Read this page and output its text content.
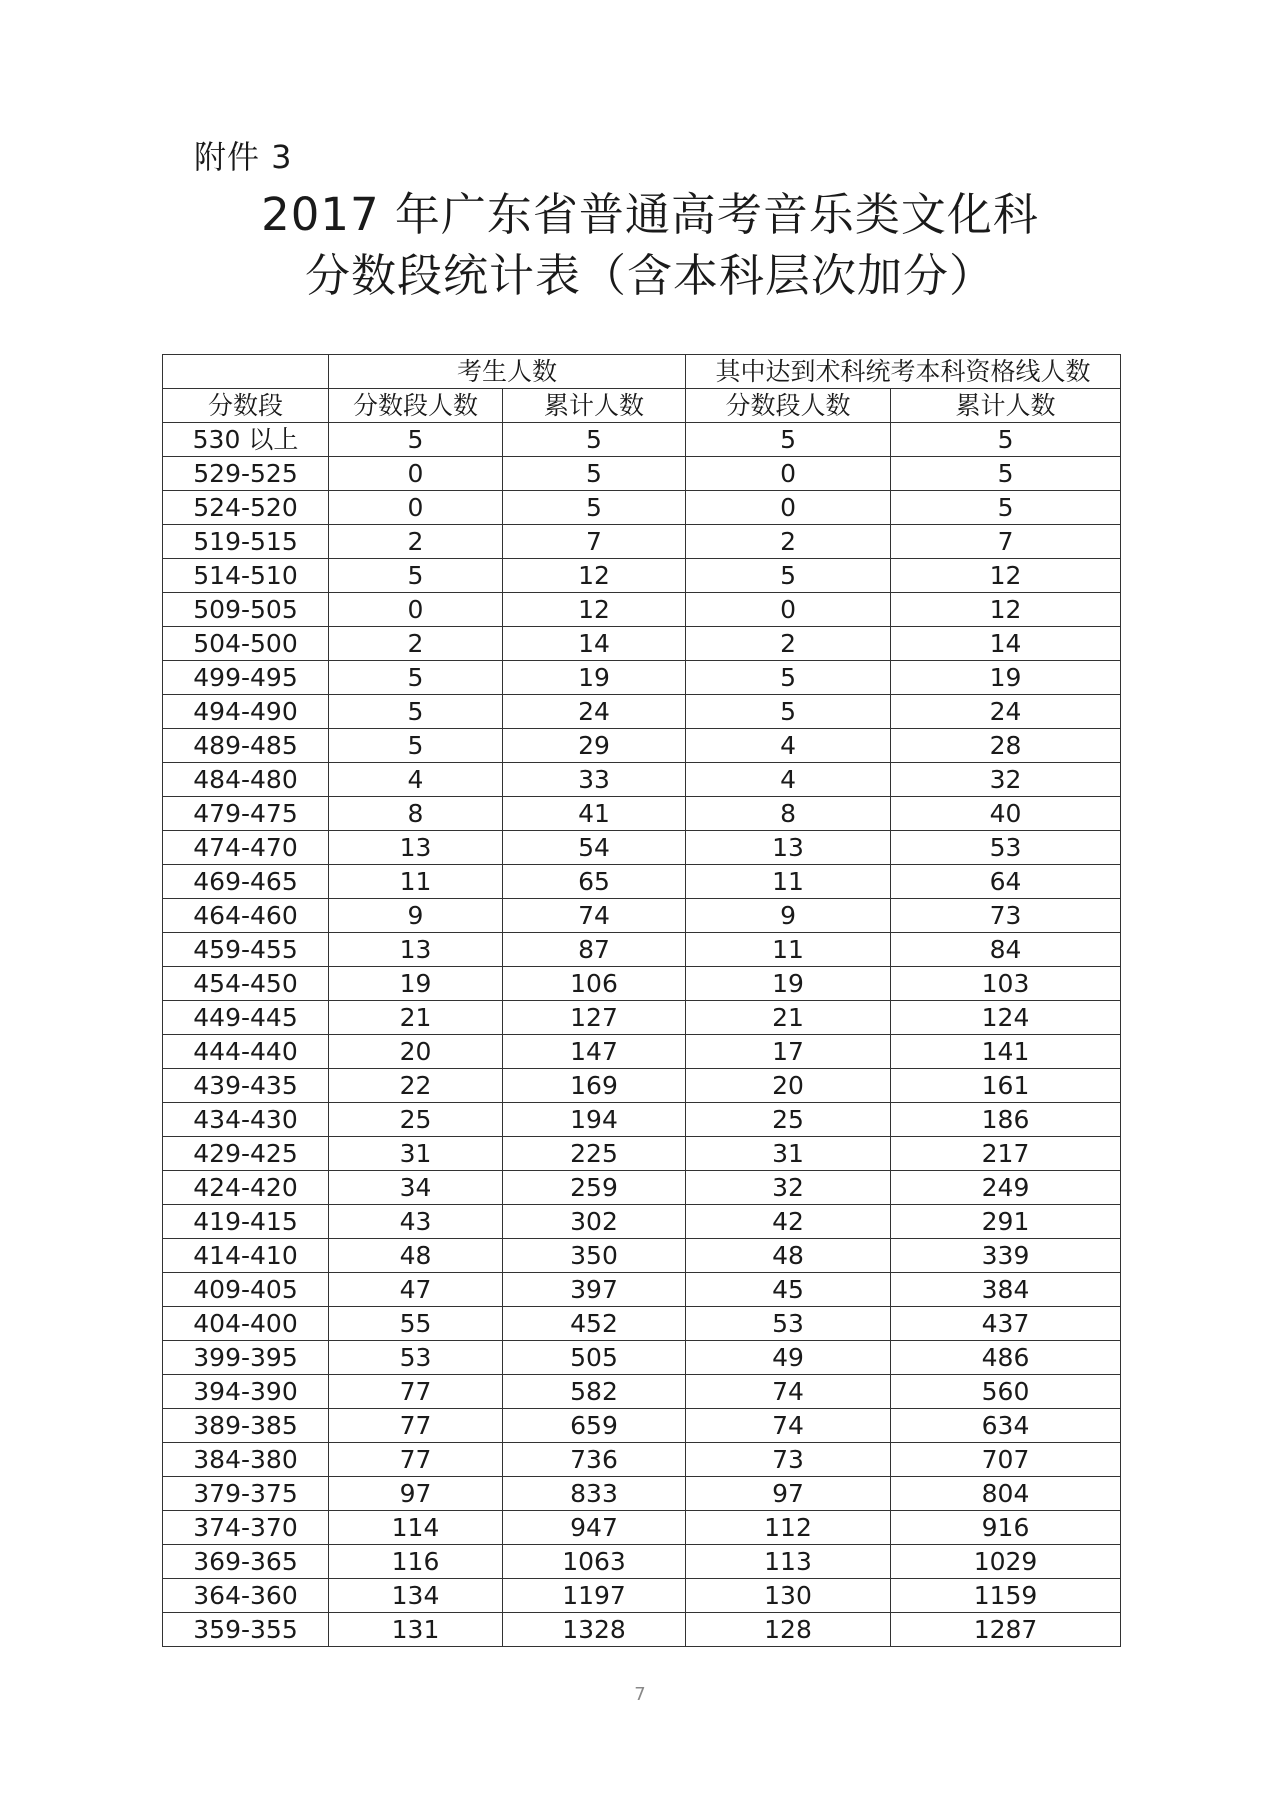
附件 3
2017 年广东省普通高考音乐类文化科
分数段统计表（含本科层次加分）
	考生人数		其中达到术科统考本科资格线人数	
分数段	分数段人数	累计人数	分数段人数	累计人数
530 以上	5	5	5	5
529-525	0	5	0	5
524-520	0	5	0	5
519-515	2	7	2	7
514-510	5	12	5	12
509-505	0	12	0	12
504-500	2	14	2	14
499-495	5	19	5	19
494-490	5	24	5	24
489-485	5	29	4	28
484-480	4	33	4	32
479-475	8	41	8	40
474-470	13	54	13	53
469-465	11	65	11	64
464-460	9	74	9	73
459-455	13	87	11	84
454-450	19	106	19	103
449-445	21	127	21	124
444-440	20	147	17	141
439-435	22	169	20	161
434-430	25	194	25	186
429-425	31	225	31	217
424-420	34	259	32	249
419-415	43	302	42	291
414-410	48	350	48	339
409-405	47	397	45	384
404-400	55	452	53	437
399-395	53	505	49	486
394-390	77	582	74	560
389-385	77	659	74	634
384-380	77	736	73	707
379-375	97	833	97	804
374-370	114	947	112	916
369-365	116	1063	113	1029
364-360	134	1197	130	1159
359-355	131	1328	128	1287
7
